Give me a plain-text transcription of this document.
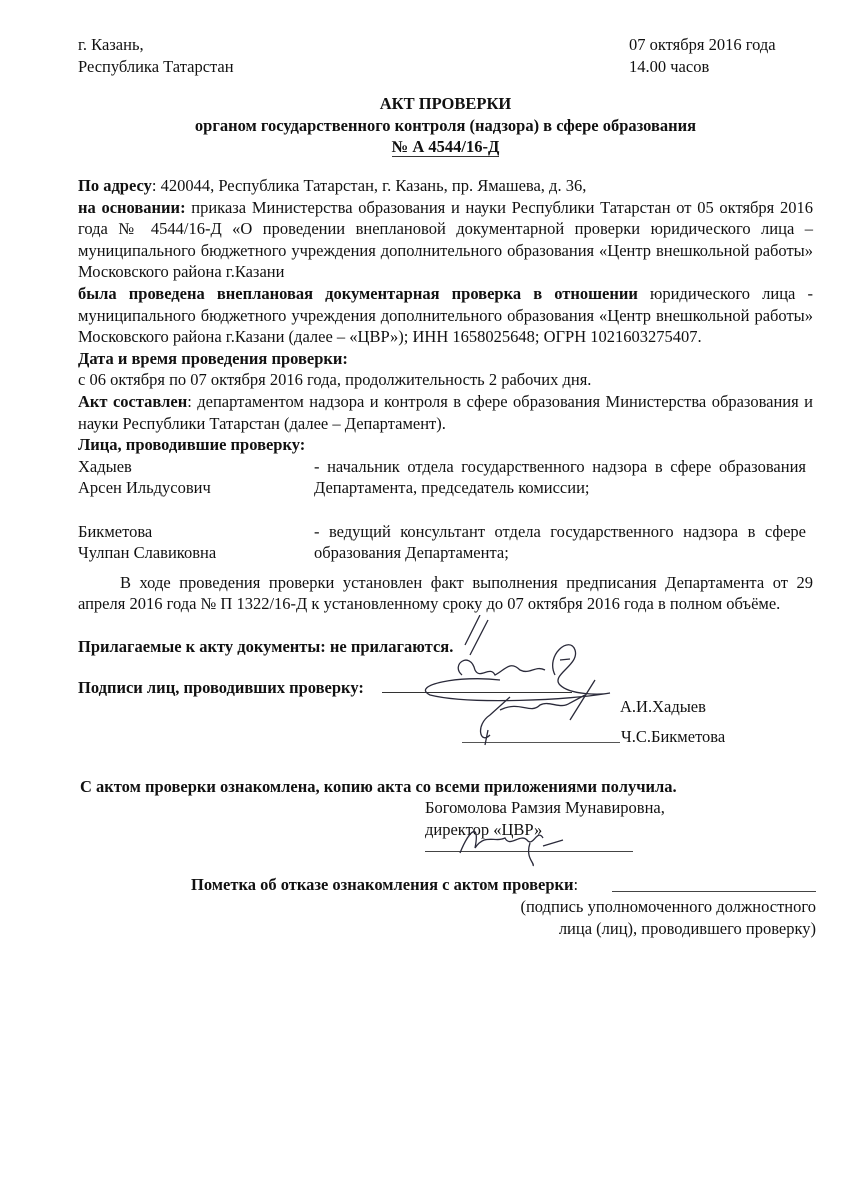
г. Казань,
Республика Татарстан
07 октября 2016 года
14.00 часов
АКТ ПРОВЕРКИ
органом государственного контроля (надзора) в сфере образования
№ А 4544/16-Д
По адресу: 420044, Республика Татарстан, г. Казань, пр. Ямашева, д. 36,
на основании: приказа Министерства образования и науки Республики Татарстан от 05 октября 2016 года № 4544/16-Д «О проведении внеплановой документарной проверки юридического лица – муниципального бюджетного учреждения дополнительного образования «Центр внешкольной работы» Московского района г.Казани
была проведена внеплановая документарная проверка в отношении юридического лица - муниципального бюджетного учреждения дополнительного образования «Центр внешкольной работы» Московского района г.Казани (далее – «ЦВР»); ИНН 1658025648; ОГРН 1021603275407.
Дата и время проведения проверки:
с 06 октября по 07 октября 2016 года, продолжительность 2 рабочих дня.
Акт составлен: департаментом надзора и контроля в сфере образования Министерства образования и науки Республики Татарстан (далее – Департамент).
Лица, проводившие проверку:
Хадыев
Арсен Ильдусович
- начальник отдела государственного надзора в сфере образования Департамента, председатель комиссии;
Бикметова
Чулпан Славиковна
- ведущий консультант отдела государственного надзора в сфере образования Департамента;
В ходе проведения проверки установлен факт выполнения предписания Департамента от 29 апреля 2016 года № П 1322/16-Д к установленному сроку до 07 октября 2016 года в полном объёме.
Прилагаемые к акту документы: не прилагаются.
Подписи лиц, проводивших проверку:
А.И.Хадыев
Ч.С.Бикметова
С актом проверки ознакомлена, копию акта со всеми приложениями получила.
Богомолова Рамзия Мунавировна,
директор «ЦВР»
Пометка об отказе ознакомления с актом проверки:
(подпись уполномоченного должностного
лица (лиц), проводившего проверку)
